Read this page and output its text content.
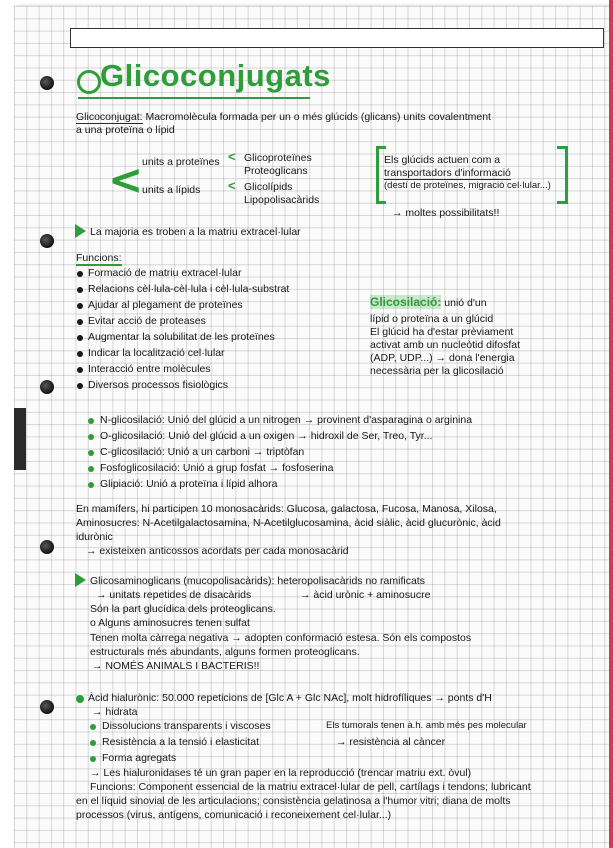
Glicoconjugats
Glicoconjugat: Macromolècula formada per un o més glúcids (glicans) units covalentment
a una proteïna o lípid
<
units a proteïnes
units a lípids
<
<
Glicoproteïnes
Proteoglicans
Glicolípids
Lipopolisacàrids
Els glúcids actuen com a
transportadors d'informació
(destí de proteïnes, migració cel·lular...)
→ moltes possibilitats!!
La majoria es troben a la matriu extracel·lular
Funcions:
Formació de matriu extracel·lular
Relacions cèl·lula-cèl·lula i cèl·lula-substrat
Ajudar al plegament de proteïnes
Evitar acció de proteases
Augmentar la solubilitat de les proteïnes
Indicar la localització cel·lular
Interacció entre molècules
Diversos processos fisiològics
Glicosilació: unió d'un
lípid o proteïna a un glúcid
El glúcid ha d'estar prèviament
activat amb un nucleòtid difosfat
(ADP, UDP...) → dona l'energia
necessària per la glicosilació
N-glicosilació: Unió del glúcid a un nitrogen → provinent d'asparagina o arginina
O-glicosilació: Unió del glúcid a un oxigen → hidroxil de Ser, Treo, Tyr...
C-glicosilació: Unió a un carboni → triptòfan
Fosfoglicosilació: Unió a grup fosfat → fosfoserina
Glipiació: Unió a proteïna i lípid alhora
En mamífers, hi participen 10 monosacàrids: Glucosa, galactosa, Fucosa, Manosa, Xilosa,
Aminosucres: N-Acetilgalactosamina, N-Acetilglucosamina, àcid siàlic, àcid glucurònic, àcid
idurònic
→ existeixen anticossos acordats per cada monosacàrid
Glicosaminoglicans (mucopolisacàrids): heteropolisacàrids no ramificats
→ unitats repetides de disacàrids	→ àcid urònic + aminosucre
Són la part glucídica dels proteoglicans.
o Alguns aminosucres tenen sulfat
Tenen molta càrrega negativa → adopten conformació estesa. Són els compostos
estructurals més abundants, alguns formen proteoglicans.
→ NOMÉS ANIMALS I BACTERIS!!
Àcid hialurònic: 50.000 repeticions de [Glc A + Glc NAc], molt hidrofíliques → ponts d'H
→ hidrata
Dissolucions transparents i viscoses
Resistència a la tensió i elasticitat
Forma agregats
Els tumorals tenen à.h. amb més pes molecular
→ resistència al càncer
→ Les hialuronidases té un gran paper en la reproducció (trencar matriu ext. òvul)
Funcions: Component essencial de la matriu extracel·lular de pell, cartílags i tendons; lubricant
en el líquid sinovial de les articulacions; consistència gelatinosa a l'humor vitri; diana de molts
processos (virus, antígens, comunicació i reconeixement cel·lular...)
